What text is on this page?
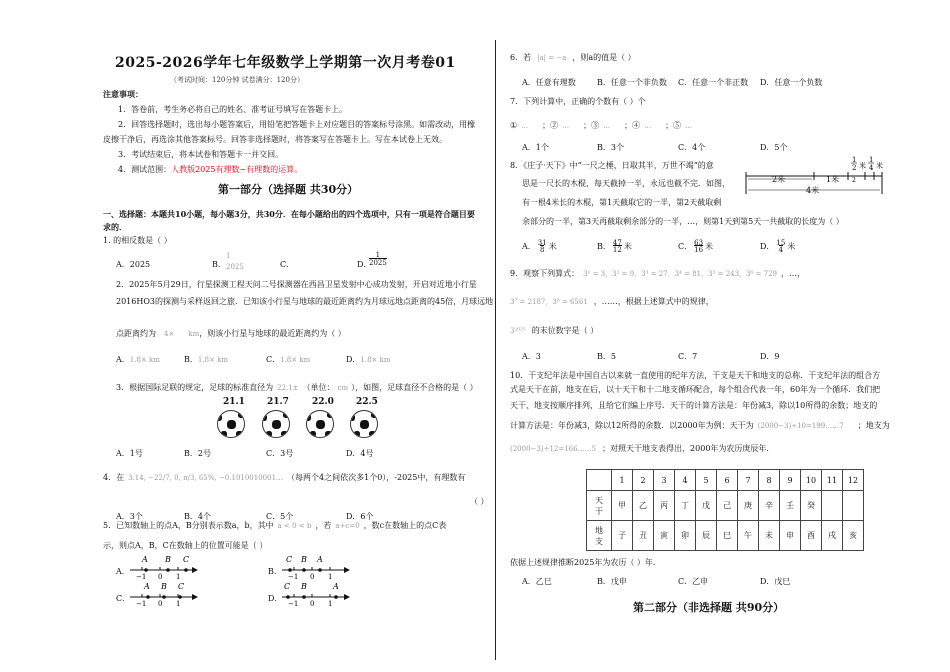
2025-2026学年七年级数学上学期第一次月考卷01
（考试时间：120分钟 试卷满分：120分）
注意事项：
1．答卷前，考生务必将自己的姓名、准考证号填写在答题卡上。
2．回答选择题时，选出每小题答案后，用铅笔把答题卡上对应题目的答案标号涂黑。如需改动，用橡
皮擦干净后，再选涂其他答案标号。回答非选择题时，将答案写在答题卡上。写在本试卷上无效。
3．考试结束后，将本试卷和答题卡一并交回。
4．测试范围：人教版2025有理数~有理数的运算。
第一部分（选择题 共30分）
一、选择题：本题共10小题，每小题3分，共30分．在每小题给出的四个选项中，只有一项是符合题目要
求的．
1. 的相反数是（ ）
A．2025	B．
1
2025	C．	D．
1
2025
2．2025年5月29日，行星探测工程天问二号探测器在西昌卫星发射中心成功发射，开启对近地小行星
2016HO3的探测与采样返回之旅．已知该小行星与地球的最近距离约为月球远地点距离的45倍，月球远地
点距离约为 4× km，则该小行星与地球的最近距离约为（ ）
A．1.8× km	B．1.8× km	C．1.8× km	D．1.8× km
3．根据国际足联的规定，足球的标准直径为 22.1± （单位： cm ），如图，足球直径不合格的是（ ）
21.1 21.7	22.0 22.5
A．1号	B．2号	C．3号	D．4号
4．在 3.14, −22/7, 0, π/3, 65%, −0.1010010001… （每两个4之间依次多1个0），-2025中，有理数有
（ ）
A．3个	B．4个	C．5个	D．6个
5．已知数轴上的点A，B分别表示数a，b，其中 a < 0 < b ，若 a+c=0 ，数c在数轴上的点C表
示，则点A，B，C在数轴上的位置可能是（ ）
A．	B．
C．	D．
A B C
−1 0 1
C B A
−1 0 1
A B C
−1 0 1
C B	A
−1 0 1
6．若 |a| = −a ，则a的值是（ ）
A．任意有理数	B．任意一个非负数 C．任意一个非正数 D．任意一个负数
7．下列计算中，正确的个数有（ ）个
① … ；② … ；③ … ；④ … ；⑤ …
A．1个	B．3个	C．4个	D．5个
8．《庄子·天下》中“一尺之棰，日取其半，万世不竭”的意
思是一尺长的木棍，每天截掉一半，永远也截不完．如图，
有一根4米长的木棍，第1天截取它的一半，第2天截取剩
余部分的一半，第3天再截取剩余部分的一半，…，则第1天到第5天一共截取的长度为（ ）
1
2 米
1
4 米
2米	1米 2
4米
A． $\frac{31}{8}$ 米	B． $\frac{47}{12}$ 米	C． $\frac{63}{16}$ 米	D． $\frac{15}{4}$ 米
9．观察下列算式： 3¹ = 3，3² = 9，3³ = 27，3⁴ = 81，3⁵ = 243，3⁶ = 729 ，…，
3⁷ = 2187，3⁸ = 6561 ，……，根据上述算式中的规律，
3²⁰²⁵ 的末位数字是（ ）
A．3	B．5	C．7	D．9
10．干支纪年法是中国自古以来就一直使用的纪年方法，干支是天干和地支的总称．干支纪年法的组合方
式是天干在前，地支在后，以十天干和十二地支循环配合，每个组合代表一年，60年为一个循环．我们把
天干、地支按顺序排列，且给它们编上序号．天干的计算方法是：年份减3，除以10所得的余数；地支的
计算方法是：年份减3，除以12所得的余数．以2000年为例：天干为 (2000−3)÷10=199……7 ；地支为
(2000−3)÷12=166……5 ；对照天干地支表得出，2000年为农历庚辰年．
	1	2	3	4	5	6	7	8	9	10	11	12
天
干	甲	乙	丙	丁	戊	己	庚	辛	壬	癸		
地
支	子	丑	寅	卯	辰	巳	午	未	申	酉	戌	亥
依据上述规律推断2025年为农历（ ）年．
A．乙巳	B．戊申	C．乙申	D．戊巳
第二部分（非选择题 共90分）
